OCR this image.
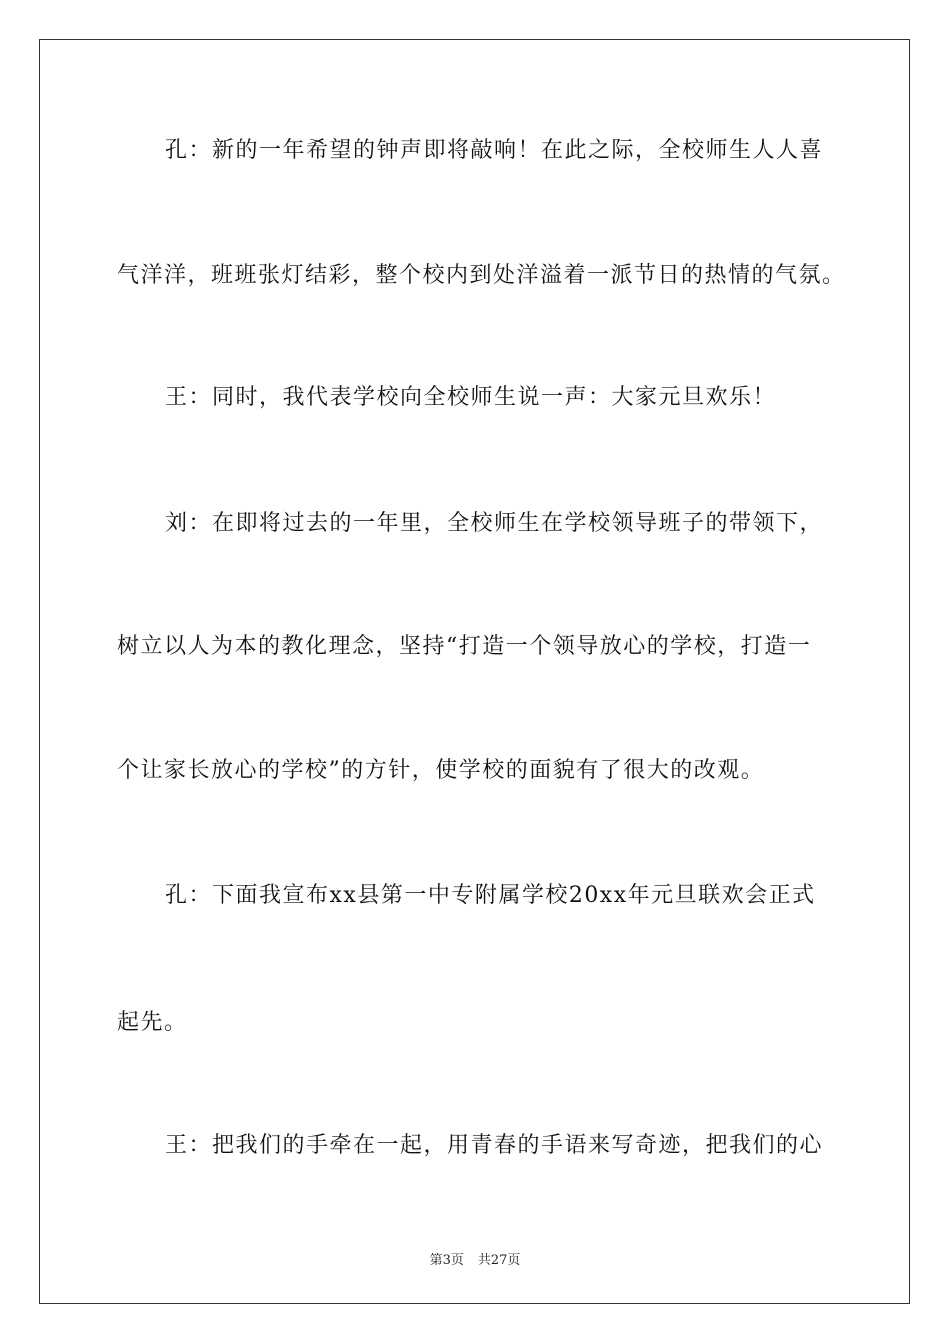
孔：新的一年希望的钟声即将敲响！在此之际，全校师生人人喜
气洋洋，班班张灯结彩，整个校内到处洋溢着一派节日的热情的气氛。
王：同时，我代表学校向全校师生说一声：大家元旦欢乐！
刘：在即将过去的一年里，全校师生在学校领导班子的带领下，
树立以人为本的教化理念，坚持“打造一个领导放心的学校，打造一
个让家长放心的学校”的方针，使学校的面貌有了很大的改观。
孔：下面我宣布xx县第一中专附属学校20xx年元旦联欢会正式
起先。
王：把我们的手牵在一起，用青春的手语来写奇迹，把我们的心
第3页 共27页
